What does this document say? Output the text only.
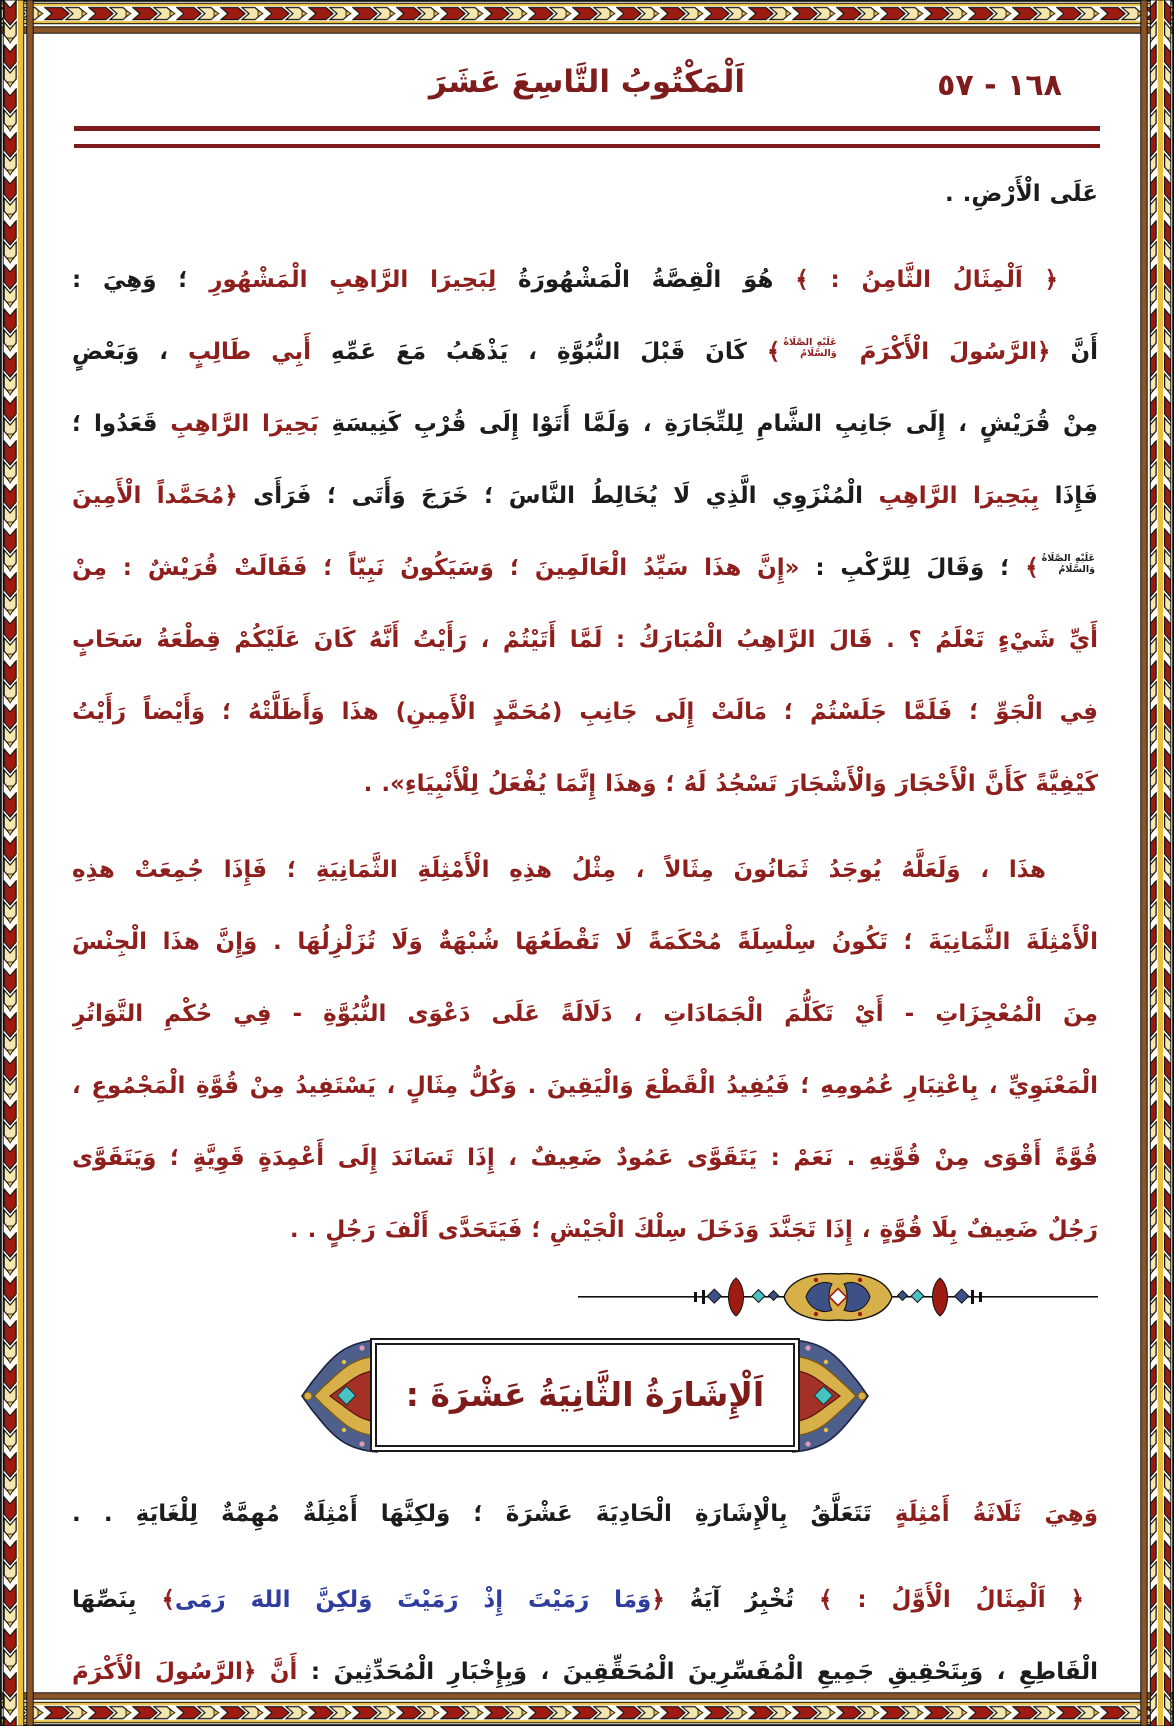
١٦٨ - ٥٧
اَلْمَكْتُوبُ التَّاسِعَ عَشَرَ
عَلَى الْأَرْضِ. .
﴿ اَلْمِثَالُ الثَّامِنُ : ﴾ هُوَ الْقِصَّةُ الْمَشْهُورَةُ لِبَحِيرَا الرَّاهِبِ الْمَشْهُورِ ؛ وَهِيَ :
أَنَّ ﴿الرَّسُولَ الْأَكْرَمَ
عَلَيْهِ الصَّلَاةُ
وَالسَّلَامُ
﴾ كَانَ قَبْلَ النُّبُوَّةِ ، يَذْهَبُ مَعَ عَمِّهِ أَبِي طَالِبٍ ، وَبَعْضٍ
مِنْ قُرَيْشٍ ، إِلَى جَانِبِ الشَّامِ لِلتِّجَارَةِ ، وَلَمَّا أَتَوْا إِلَى قُرْبِ كَنِيسَةِ بَحِيرَا الرَّاهِبِ قَعَدُوا ؛
فَإِذَا بِبَحِيرَا الرَّاهِبِ الْمُنْزَوِي الَّذِي لَا يُخَالِطُ النَّاسَ ؛ خَرَجَ وَأَتَى ؛ فَرَأَى ﴿مُحَمَّداً الْأَمِينَ
عَلَيْهِ الصَّلَاةُ
وَالسَّلَامُ
﴾ ؛ وَقَالَ لِلرَّكْبِ : «إِنَّ هذَا سَيِّدُ الْعَالَمِينَ ؛ وَسَيَكُونُ نَبِيّاً ؛ فَقَالَتْ قُرَيْشٌ : مِنْ
أَيِّ شَيْءٍ تَعْلَمُ ؟ . قَالَ الرَّاهِبُ الْمُبَارَكُ : لَمَّا أَتَيْتُمْ ، رَأَيْتُ أَنَّهُ كَانَ عَلَيْكُمْ قِطْعَةُ سَحَابٍ
فِي الْجَوِّ ؛ فَلَمَّا جَلَسْتُمْ ؛ مَالَتْ إِلَى جَانِبِ (مُحَمَّدٍ الْأَمِينِ) هذَا وَأَظَلَّتْهُ ؛ وَأَيْضاً رَأَيْتُ
كَيْفِيَّةً كَأَنَّ الْأَحْجَارَ وَالْأَشْجَارَ تَسْجُدُ لَهُ ؛ وَهذَا إِنَّمَا يُفْعَلُ لِلْأَنْبِيَاءِ». .
هذَا ، وَلَعَلَّهُ يُوجَدُ ثَمَانُونَ مِثَالاً ، مِثْلُ هذِهِ الْأَمْثِلَةِ الثَّمَانِيَةِ ؛ فَإِذَا جُمِعَتْ هذِهِ
الْأَمْثِلَةَ الثَّمَانِيَةَ ؛ تَكُونُ سِلْسِلَةً مُحْكَمَةً لَا تَقْطَعُهَا شُبْهَةٌ وَلَا تُزَلْزِلُهَا . وَإِنَّ هذَا الْجِنْسَ
مِنَ الْمُعْجِزَاتِ - أَيْ تَكَلُّمَ الْجَمَادَاتِ ، دَلَالَةً عَلَى دَعْوَى النُّبُوَّةِ - فِي حُكْمِ التَّوَاتُرِ
الْمَعْنَوِيِّ ، بِاعْتِبَارِ عُمُومِهِ ؛ فَيُفِيدُ الْقَطْعَ وَالْيَقِينَ . وَكُلُّ مِثَالٍ ، يَسْتَفِيدُ مِنْ قُوَّةِ الْمَجْمُوعِ ،
قُوَّةً أَقْوَى مِنْ قُوَّتِهِ . نَعَمْ : يَتَقَوَّى عَمُودٌ ضَعِيفٌ ، إِذَا تَسَانَدَ إِلَى أَعْمِدَةٍ قَوِيَّةٍ ؛ وَيَتَقَوَّى
رَجُلٌ ضَعِيفٌ بِلَا قُوَّةٍ ، إِذَا تَجَنَّدَ وَدَخَلَ سِلْكَ الْجَيْشِ ؛ فَيَتَحَدَّى أَلْفَ رَجُلٍ . .
اَلْإِشَارَةُ الثَّانِيَةُ عَشْرَةَ :
وَهِيَ ثَلَاثَةُ أَمْثِلَةٍ تَتَعَلَّقُ بِالْإِشَارَةِ الْحَادِيَةَ عَشْرَةَ ؛ وَلكِنَّهَا أَمْثِلَةٌ مُهِمَّةٌ لِلْغَايَةِ . .
﴿ اَلْمِثَالُ الْأَوَّلُ : ﴾ تُخْبِرُ آيَةُ ﴿وَمَا رَمَيْتَ إِذْ رَمَيْتَ وَلكِنَّ اللهَ رَمَى﴾ بِنَصِّهَا
الْقَاطِعِ ، وَبِتَحْقِيقِ جَمِيعِ الْمُفَسِّرِينَ الْمُحَقِّقِينَ ، وَبِإِخْبَارِ الْمُحَدِّثِينَ : أَنَّ ﴿الرَّسُولَ الْأَكْرَمَ
